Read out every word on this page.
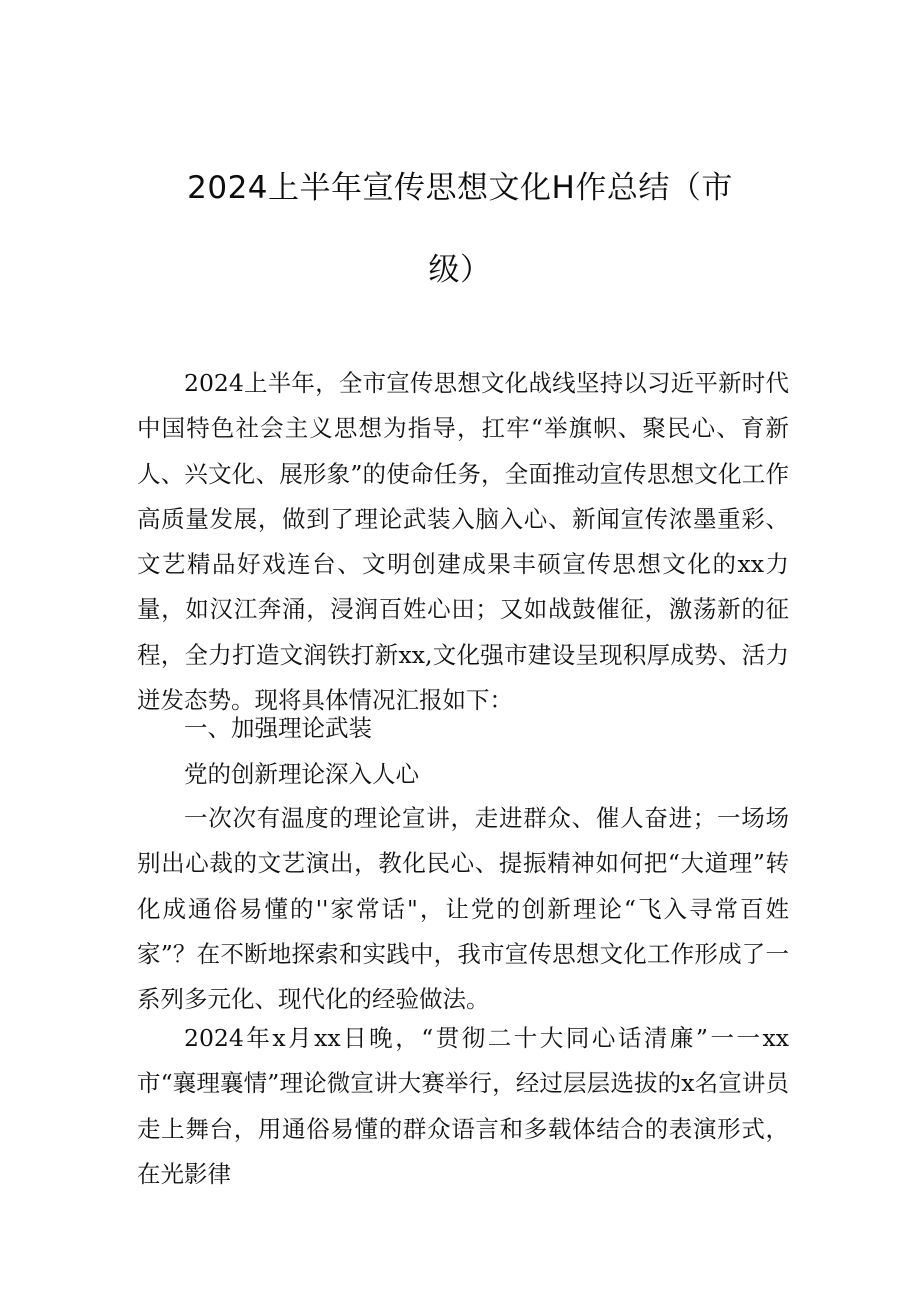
2024上半年宣传思想文化H作总结（市
级）

2024上半年，全市宣传思想文化战线坚持以习近平新时代中国特色社会主义思想为指导，扛牢“举旗帜、聚民心、育新人、兴文化、展形象”的使命任务，全面推动宣传思想文化工作高质量发展，做到了理论武装入脑入心、新闻宣传浓墨重彩、文艺精品好戏连台、文明创建成果丰硕宣传思想文化的xx力量，如汉江奔涌，浸润百姓心田；又如战鼓催征，激荡新的征程，全力打造文润铁打新xx,文化强市建设呈现积厚成势、活力迸发态势。现将具体情况汇报如下：

一、加强理论武装

党的创新理论深入人心

一次次有温度的理论宣讲，走进群众、催人奋进；一场场别出心裁的文艺演出，教化民心、提振精神如何把“大道理”转化成通俗易懂的''家常话"，让党的创新理论“飞入寻常百姓家”？在不断地探索和实践中，我市宣传思想文化工作形成了一系列多元化、现代化的经验做法。

2024年x月xx日晚，“贯彻二十大同心话清廉”一一xx市“襄理襄情”理论微宣讲大赛举行，经过层层选拔的x名宣讲员走上舞台，用通俗易懂的群众语言和多载体结合的表演形式，在光影律
